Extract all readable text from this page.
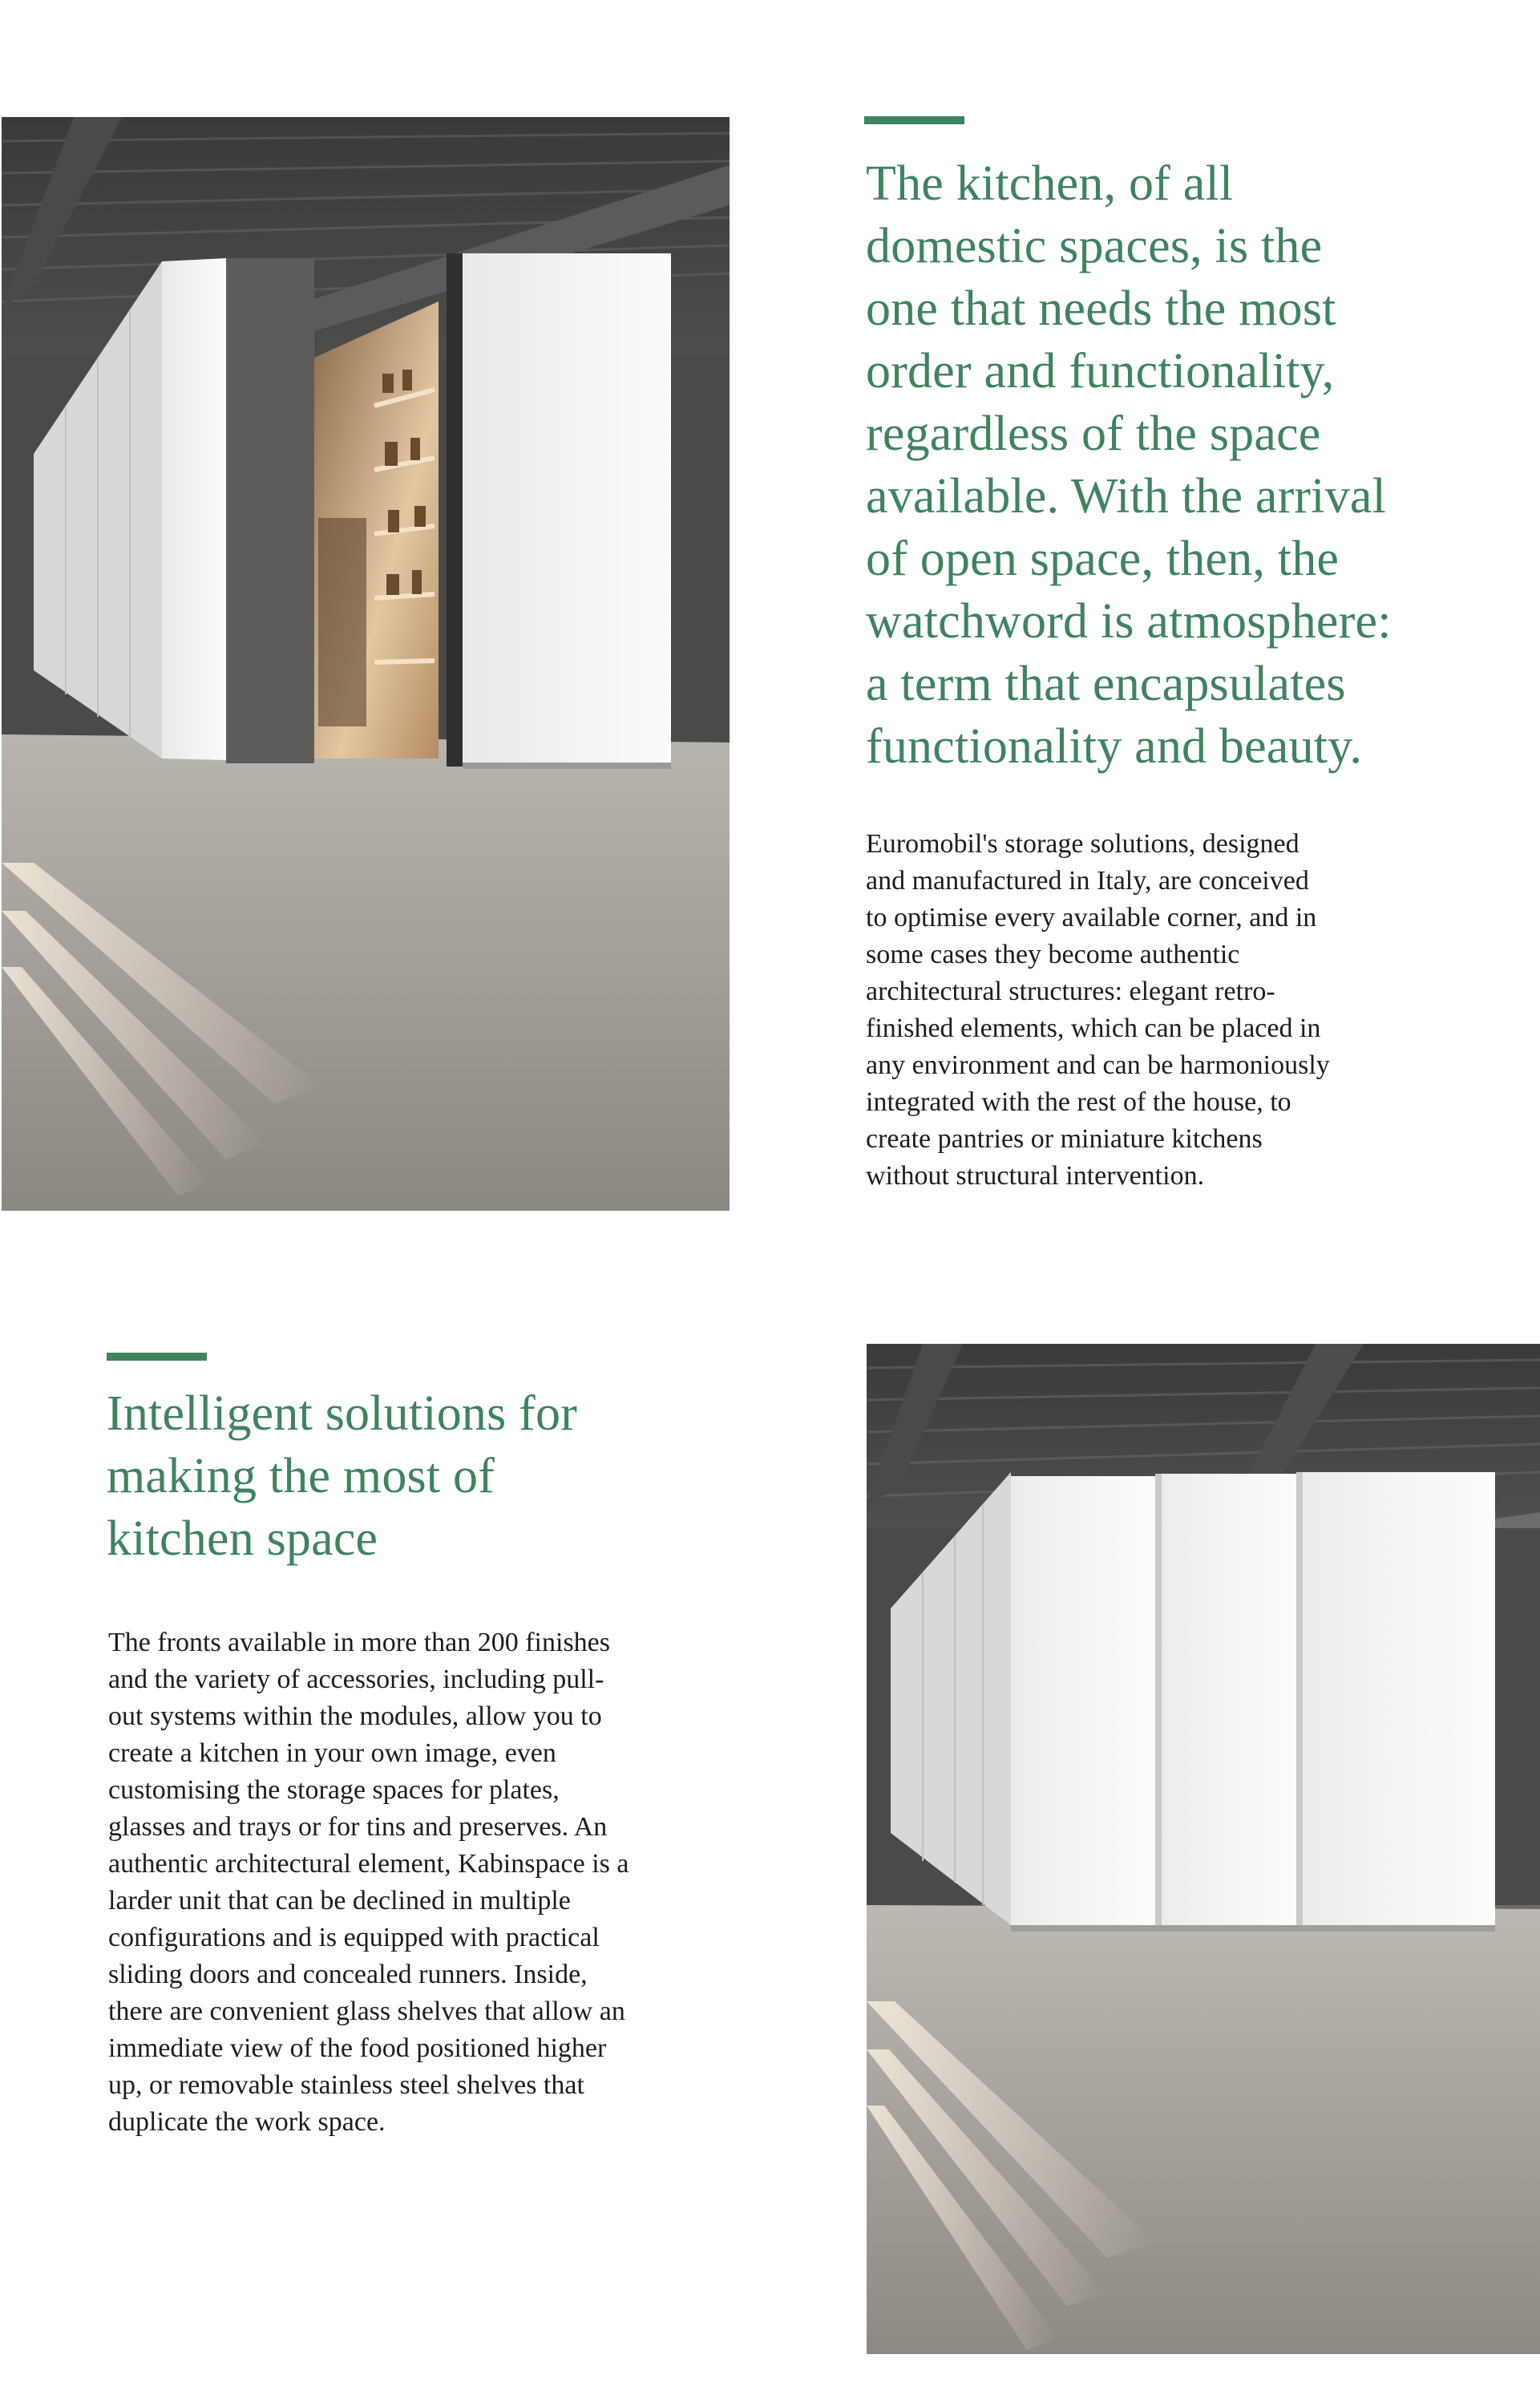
The kitchen, of all
domestic spaces, is the
one that needs the most
order and functionality,
regardless of the space
available. With the arrival
of open space, then, the
watchword is atmosphere:
a term that encapsulates
functionality and beauty.
Euromobil's storage solutions, designed
and manufactured in Italy, are conceived
to optimise every available corner, and in
some cases they become authentic
architectural structures: elegant retro-
finished elements, which can be placed in
any environment and can be harmoniously
integrated with the rest of the house, to
create pantries or miniature kitchens
without structural intervention.
Intelligent solutions for
making the most of
kitchen space
The fronts available in more than 200 finishes
and the variety of accessories, including pull-
out systems within the modules, allow you to
create a kitchen in your own image, even
customising the storage spaces for plates,
glasses and trays or for tins and preserves. An
authentic architectural element, Kabinspace is a
larder unit that can be declined in multiple
configurations and is equipped with practical
sliding doors and concealed runners. Inside,
there are convenient glass shelves that allow an
immediate view of the food positioned higher
up, or removable stainless steel shelves that
duplicate the work space.
